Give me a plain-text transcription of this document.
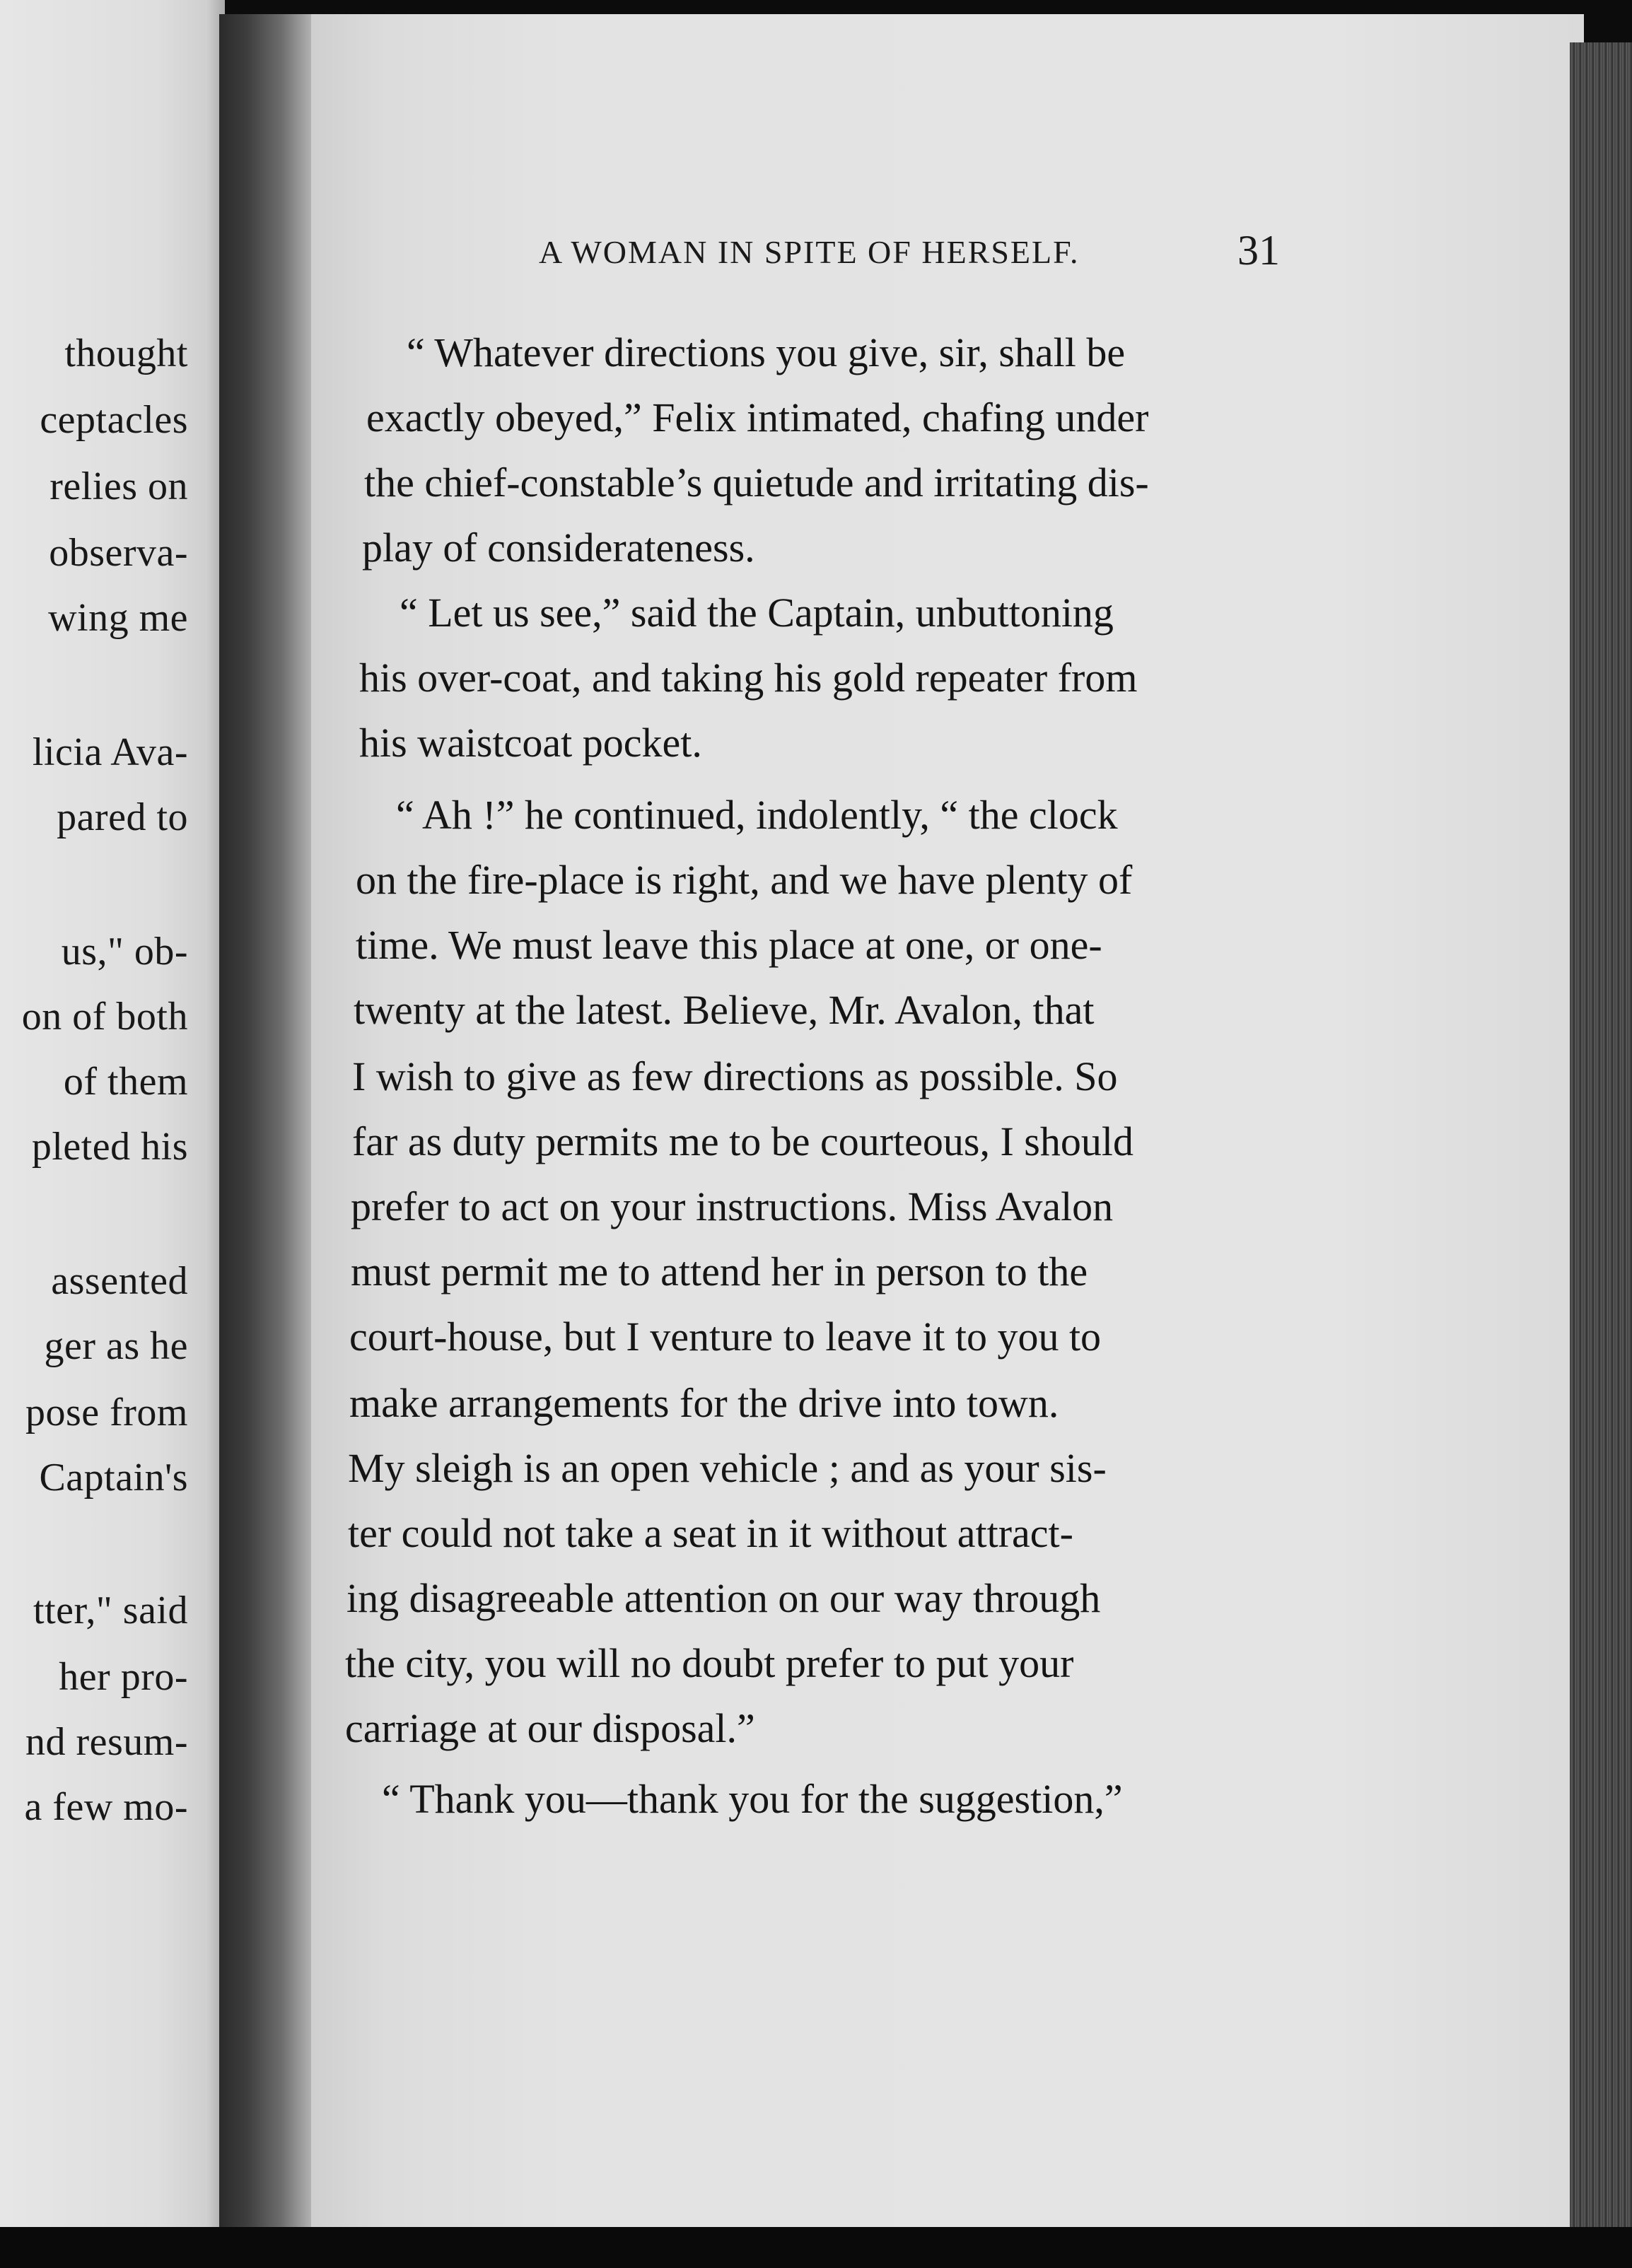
thought
ceptacles
relies on
observa-
wing me
licia Ava-
pared to
us," ob-
on of both
of them
pleted his
assented
ger as he
pose from
Captain's
tter," said
her pro-
nd resum-
a few mo-
A WOMAN IN SPITE OF HERSELF.	31
“ Whatever directions you give, sir, shall be
exactly obeyed,” Felix intimated, chafing under
the chief-constable’s quietude and irritating dis-
play of considerateness.
“ Let us see,” said the Captain, unbuttoning
his over-coat, and taking his gold repeater from
his waistcoat pocket.
“ Ah !” he continued, indolently, “ the clock
on the fire-place is right, and we have plenty of
time. We must leave this place at one, or one-
twenty at the latest. Believe, Mr. Avalon, that
I wish to give as few directions as possible. So
far as duty permits me to be courteous, I should
prefer to act on your instructions. Miss Avalon
must permit me to attend her in person to the
court-house, but I venture to leave it to you to
make arrangements for the drive into town.
My sleigh is an open vehicle ; and as your sis-
ter could not take a seat in it without attract-
ing disagreeable attention on our way through
the city, you will no doubt prefer to put your
carriage at our disposal.”
“ Thank you—thank you for the suggestion,”
